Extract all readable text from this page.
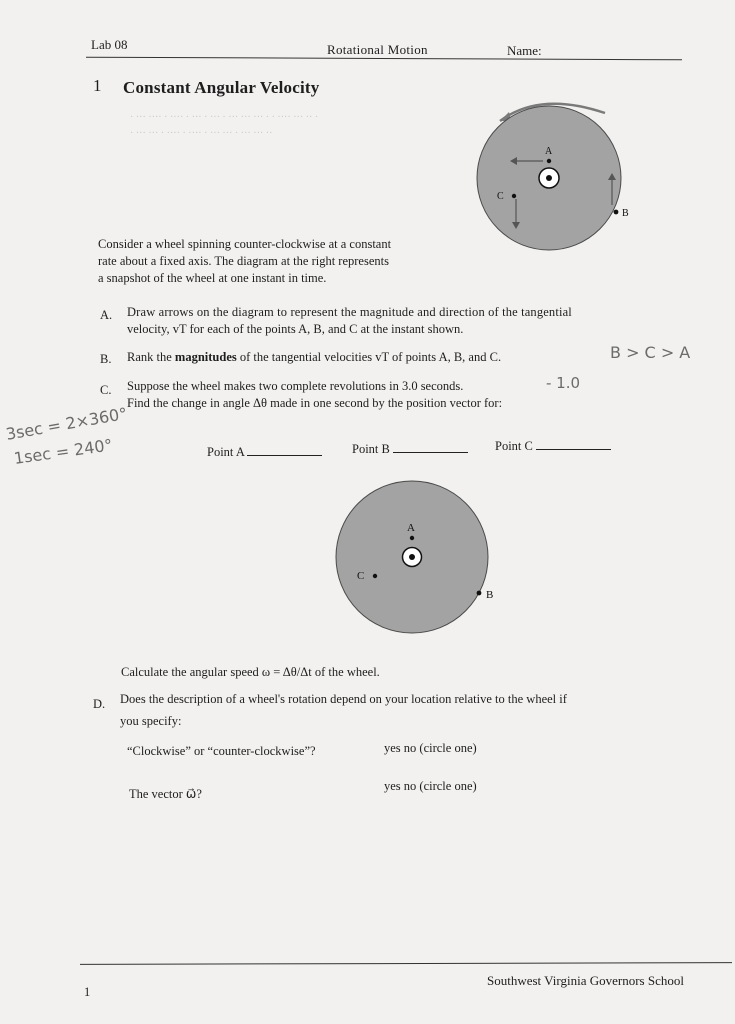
Lab 08	Rotational Motion	Name:
1 Constant Angular Velocity
· ··· ···· · ···· · ··· · ··· · ··· ··· ··· · · ···· ··· ·· ·
· ··· ··· · ···· · ···· · ··· ··· · ··· ··· ··
A
C
B
Consider a wheel spinning counter-clockwise at a constant
rate about a fixed axis. The diagram at the right represents
a snapshot of the wheel at one instant in time.
A. Draw arrows on the diagram to represent the magnitude and direction of the tangential
velocity, vT for each of the points A, B, and C at the instant shown.
B. Rank the magnitudes of the tangential velocities vT of points A, B, and C.	B > C > A
C. Suppose the wheel makes two complete revolutions in 3.0 seconds.	- 1.0
Find the change in angle Δθ made in one second by the position vector for:
3sec = 2×360°
1sec = 240°	Point A	Point B	Point C
A
C
B
Calculate the angular speed ω = Δθ/Δt of the wheel.
D. Does the description of a wheel's rotation depend on your location relative to the wheel if
you specify:
“Clockwise” or “counter-clockwise”?	yes no (circle one)
The vector ω⃗?
yes no (circle one)
1
Southwest Virginia Governors School
